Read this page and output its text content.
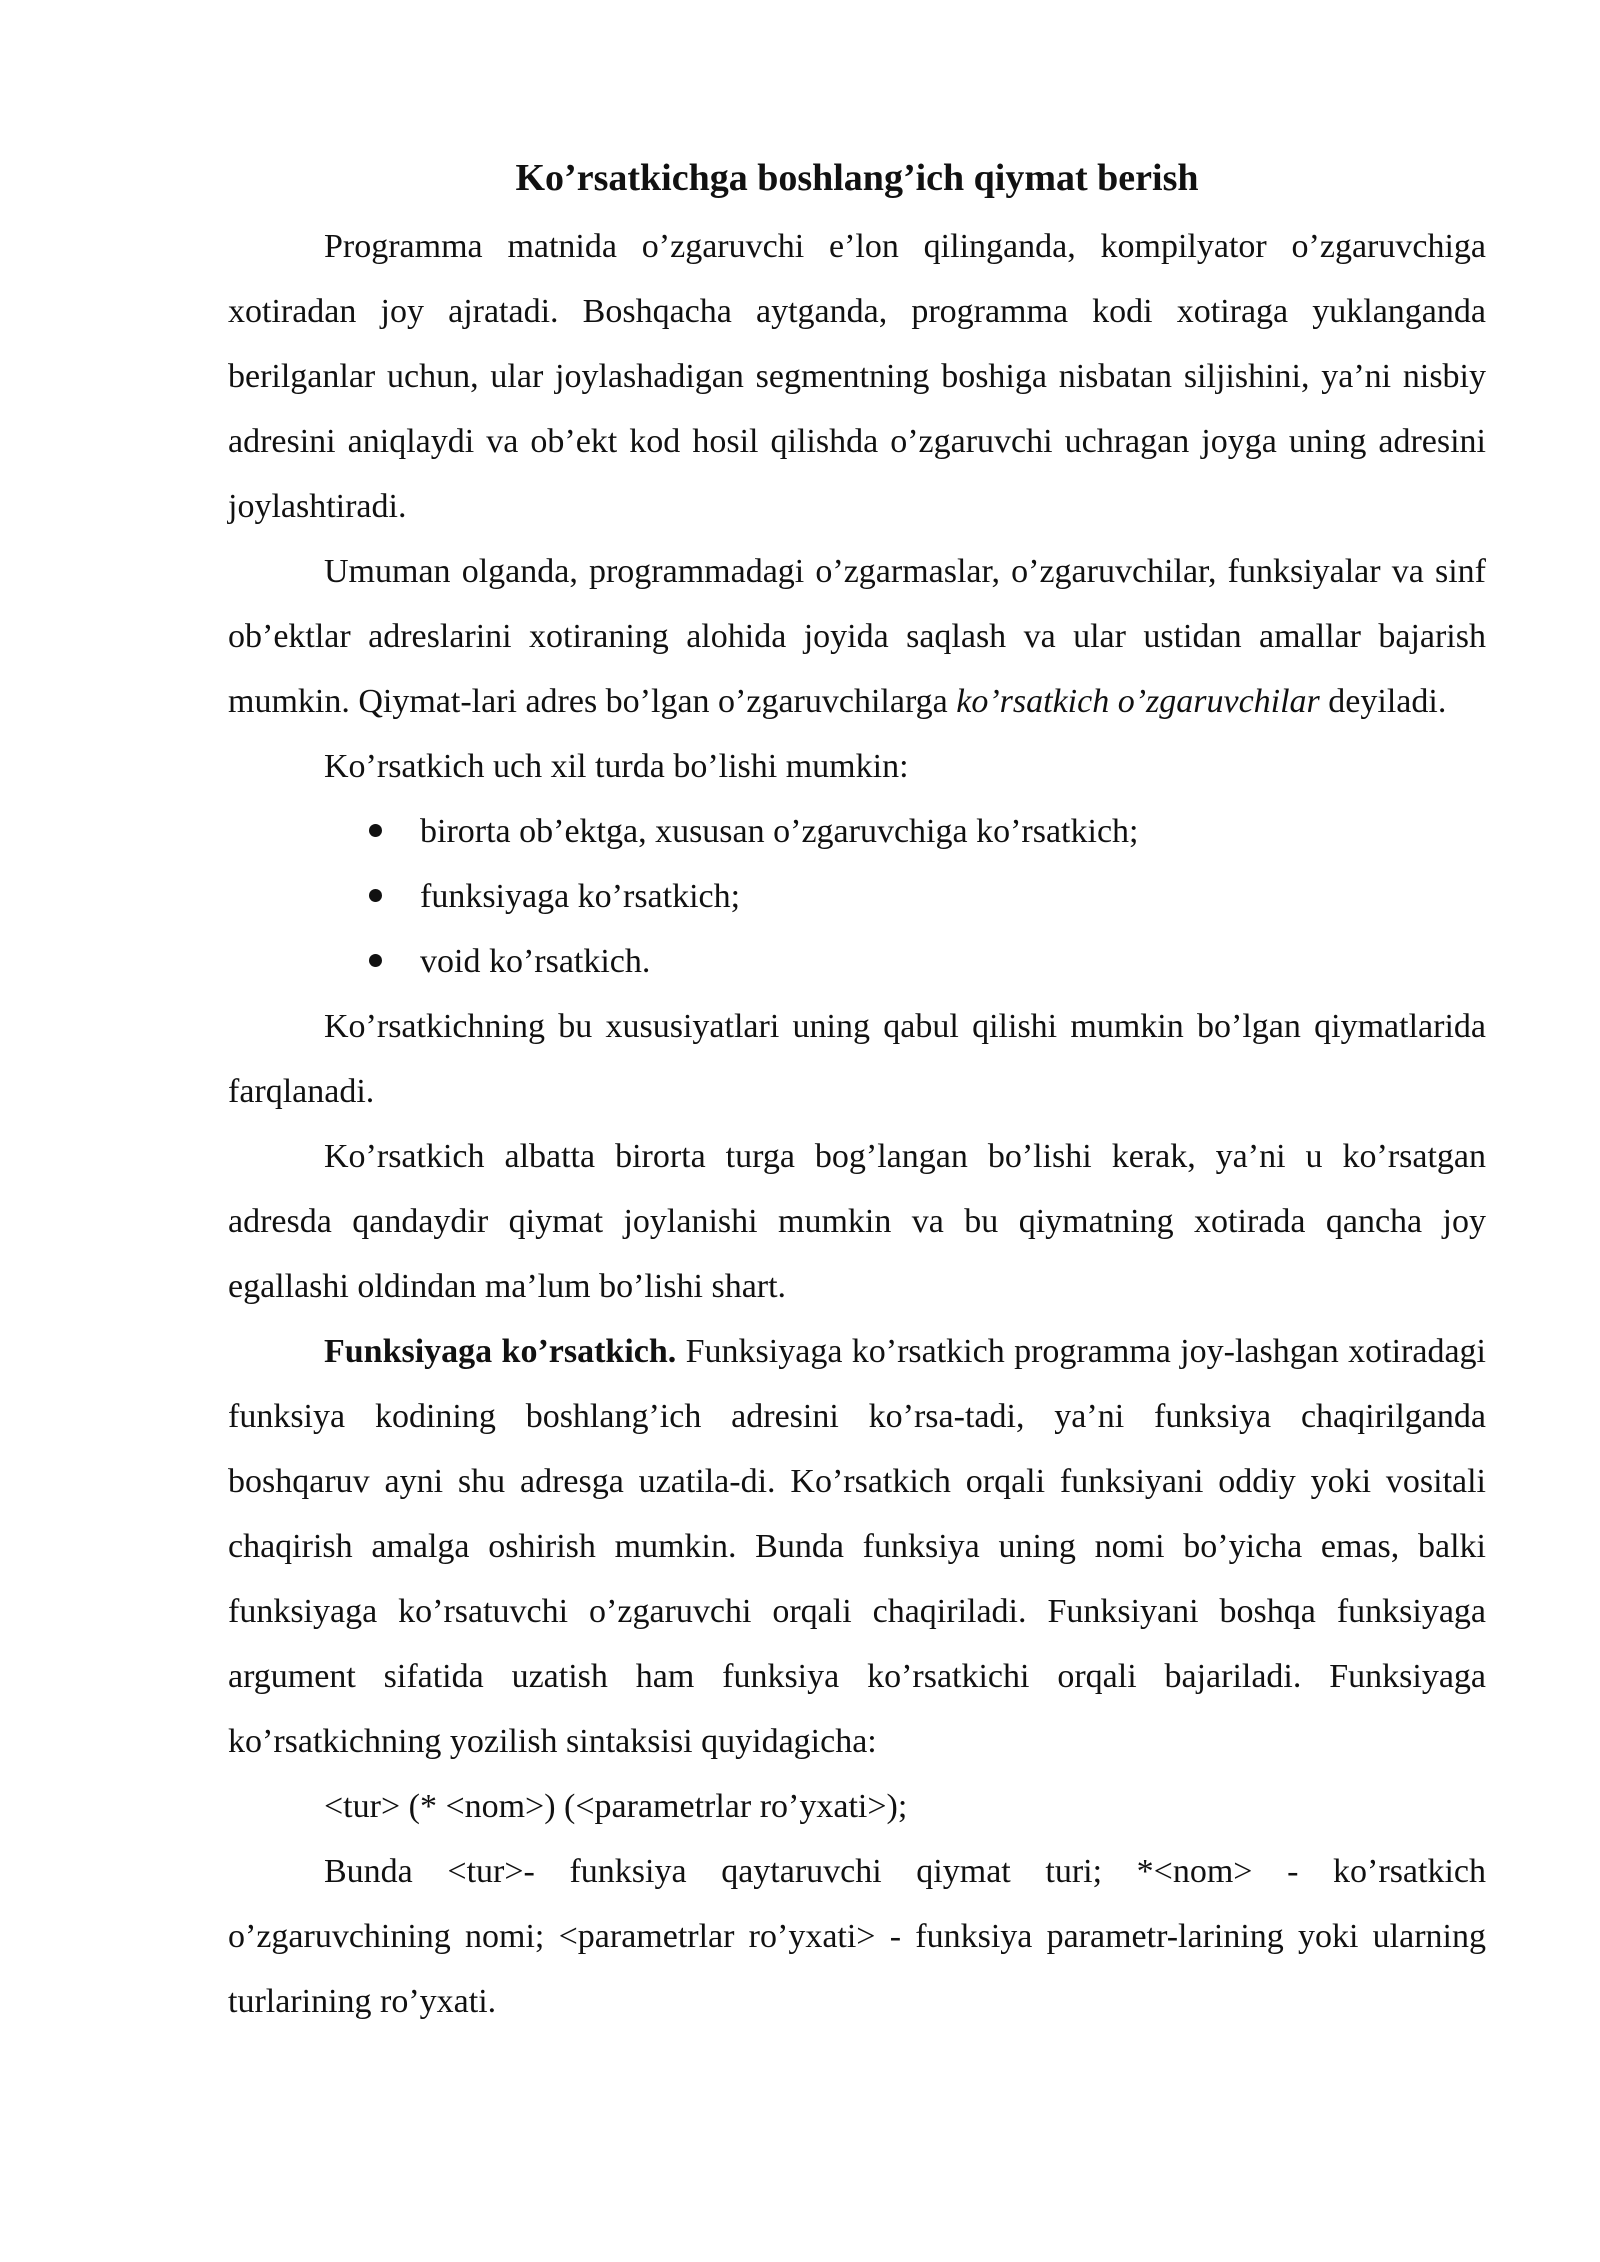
Ko’rsatkichga boshlang’ich qiymat berish

Programma matnida o’zgaruvchi e’lon qilinganda, kompilyator o’zgaruvchiga xotiradan joy ajratadi. Boshqacha aytganda, programma kodi xotiraga yuklanganda berilganlar uchun, ular joylashadigan segmentning boshiga nisbatan siljishini, ya’ni nisbiy adresini aniqlaydi va ob’ekt kod hosil qilishda o’zgaruvchi uchragan joyga uning adresini joylashtiradi.

Umuman olganda, programmadagi o’zgarmaslar, o’zgaruvchilar, funksiyalar va sinf ob’ektlar adreslarini xotiraning alohida joyida saqlash va ular ustidan amallar bajarish mumkin. Qiymat-lari adres bo’lgan o’zgaruvchilarga ko’rsatkich o’zgaruvchilar deyiladi.

Ko’rsatkich uch xil turda bo’lishi mumkin:

birorta ob’ektga, xususan o’zgaruvchiga ko’rsatkich;
funksiyaga ko’rsatkich;
void ko’rsatkich.

Ko’rsatkichning bu xususiyatlari uning qabul qilishi mumkin bo’lgan qiymatlarida farqlanadi.

Ko’rsatkich albatta birorta turga bog’langan bo’lishi kerak, ya’ni u ko’rsatgan adresda qandaydir qiymat joylanishi mumkin va bu qiymatning xotirada qancha joy egallashi oldindan ma’lum bo’lishi shart.

Funksiyaga ko’rsatkich. Funksiyaga ko’rsatkich programma joy-lashgan xotiradagi funksiya kodining boshlang’ich adresini ko’rsa-tadi, ya’ni funksiya chaqirilganda boshqaruv ayni shu adresga uzatila-di. Ko’rsatkich orqali funksiyani oddiy yoki vositali chaqirish amalga oshirish mumkin. Bunda funksiya uning nomi bo’yicha emas, balki funksiyaga ko’rsatuvchi o’zgaruvchi orqali chaqiriladi. Funksiyani boshqa funksiyaga argument sifatida uzatish ham funksiya ko’rsatkichi orqali bajariladi. Funksiyaga ko’rsatkichning yozilish sintaksisi quyidagicha:

<tur> (* <nom>) (<parametrlar ro’yxati>);

Bunda <tur>- funksiya qaytaruvchi qiymat turi; *<nom> - ko’rsatkich o’zgaruvchining nomi; <parametrlar ro’yxati> - funksiya parametr-larining yoki ularning turlarining ro’yxati.
